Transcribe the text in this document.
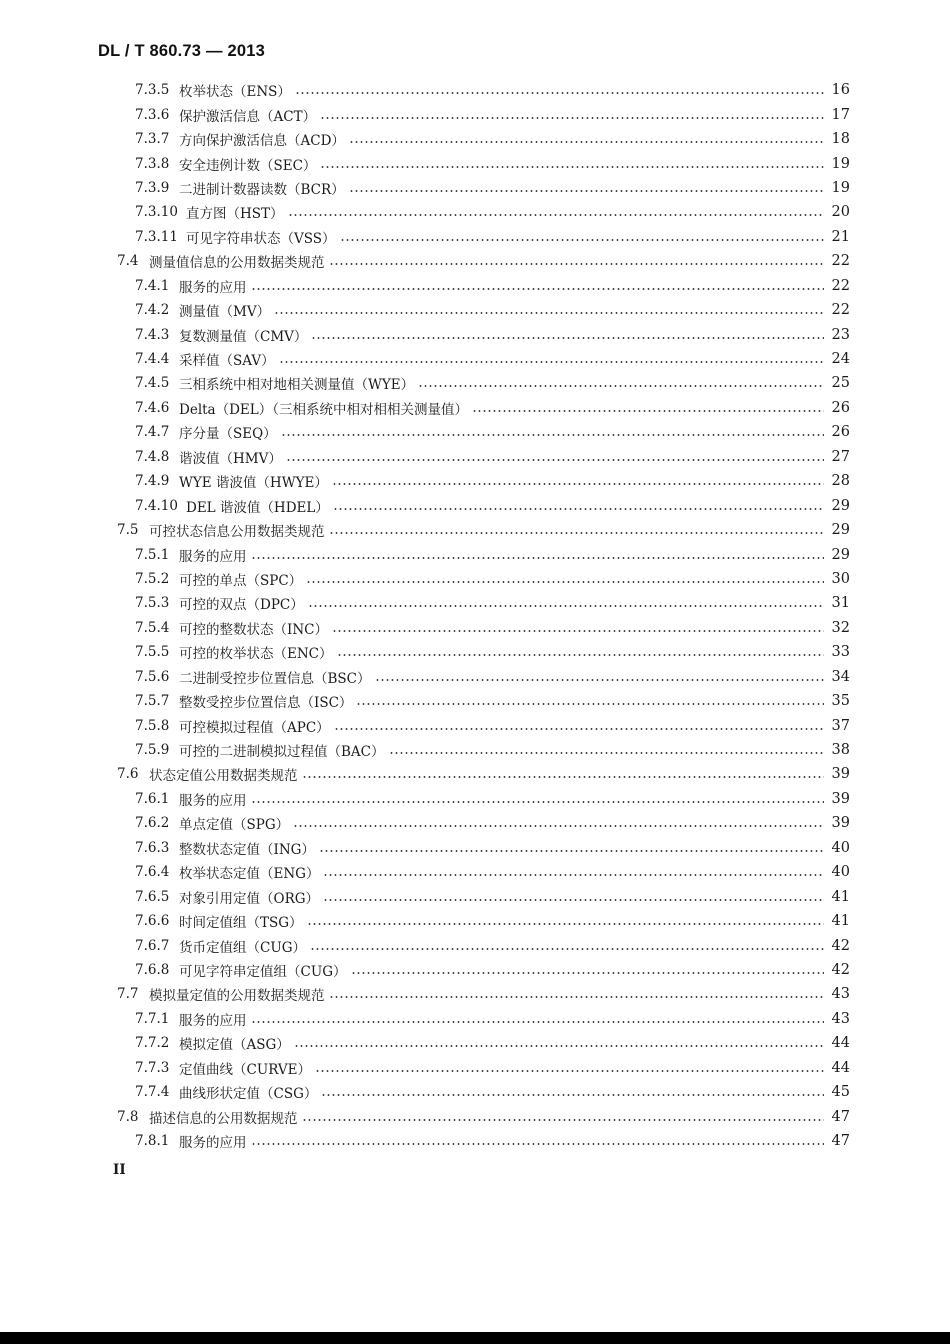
DL / T 860.73 — 2013
7.3.5 枚举状态（ENS）	16
7.3.6 保护激活信息（ACT）	17
7.3.7 方向保护激活信息（ACD）	18
7.3.8 安全违例计数（SEC）	19
7.3.9 二进制计数器读数（BCR）	19
7.3.10 直方图（HST）	20
7.3.11 可见字符串状态（VSS）	21
7.4 测量值信息的公用数据类规范	22
7.4.1 服务的应用	22
7.4.2 测量值（MV）	22
7.4.3 复数测量值（CMV）	23
7.4.4 采样值（SAV）	24
7.4.5 三相系统中相对地相关测量值（WYE）	25
7.4.6 Delta（DEL）（三相系统中相对相相关测量值）	26
7.4.7 序分量（SEQ）	26
7.4.8 谐波值（HMV）	27
7.4.9 WYE 谐波值（HWYE）	28
7.4.10 DEL 谐波值（HDEL）	29
7.5 可控状态信息公用数据类规范	29
7.5.1 服务的应用	29
7.5.2 可控的单点（SPC）	30
7.5.3 可控的双点（DPC）	31
7.5.4 可控的整数状态（INC）	32
7.5.5 可控的枚举状态（ENC）	33
7.5.6 二进制受控步位置信息（BSC）	34
7.5.7 整数受控步位置信息（ISC）	35
7.5.8 可控模拟过程值（APC）	37
7.5.9 可控的二进制模拟过程值（BAC）	38
7.6 状态定值公用数据类规范	39
7.6.1 服务的应用	39
7.6.2 单点定值（SPG）	39
7.6.3 整数状态定值（ING）	40
7.6.4 枚举状态定值（ENG）	40
7.6.5 对象引用定值（ORG）	41
7.6.6 时间定值组（TSG）	41
7.6.7 货币定值组（CUG）	42
7.6.8 可见字符串定值组（CUG）	42
7.7 模拟量定值的公用数据类规范	43
7.7.1 服务的应用	43
7.7.2 模拟定值（ASG）	44
7.7.3 定值曲线（CURVE）	44
7.7.4 曲线形状定值（CSG）	45
7.8 描述信息的公用数据规范	47
7.8.1 服务的应用	47
II
